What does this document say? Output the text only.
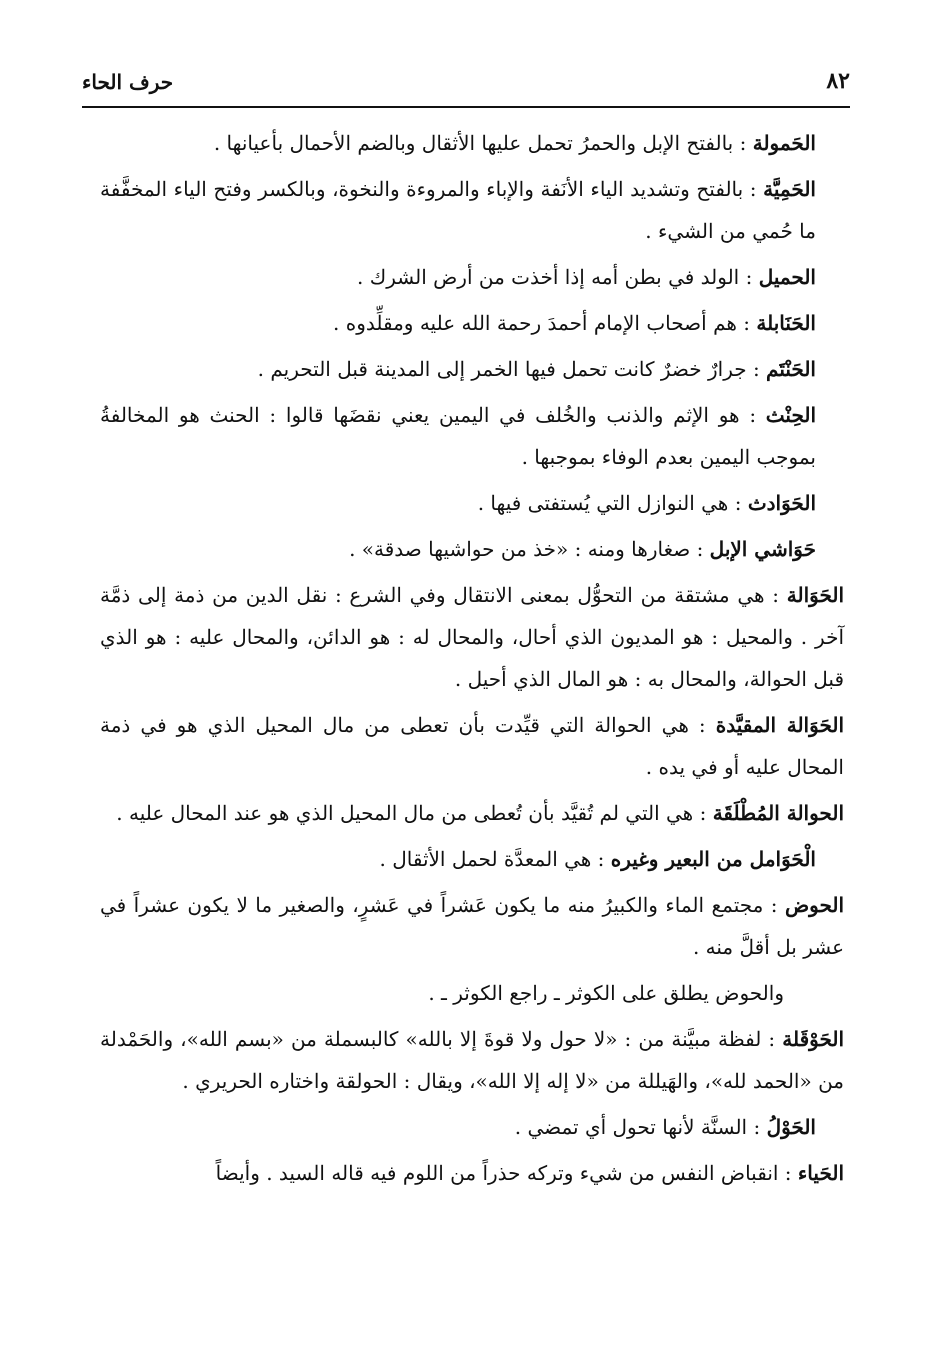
٨٢
حرف الحاء

الحَمولة : بالفتح الإبل والحمرُ تحمل عليها الأثقال وبالضم الأحمال بأعيانها .

الحَمِيَّة : بالفتح وتشديد الياء الأنَفة والإباء والمروءة والنخوة، وبالكسر وفتح الياء المخفَّفة ما حُمي من الشيء .

الحميل : الولد في بطن أمه إذا أخذت من أرض الشرك .

الحَنَابلة : هم أصحاب الإمام أحمدَ رحمة الله عليه ومقلِّدوه .

الحَنْتَم : جرارٌ خضرٌ كانت تحمل فيها الخمر إلى المدينة قبل التحريم .

الحِنْث : هو الإثم والذنب والخُلف في اليمين يعني نقضَها قالوا : الحنث هو المخالفةُ بموجب اليمين بعدم الوفاء بموجبها .

الحَوَادث : هي النوازل التي يُستفتى فيها .

حَوَاشي الإبل : صغارها ومنه : «خذ من حواشيها صدقة» .

الحَوَالة : هي مشتقة من التحوُّل بمعنى الانتقال وفي الشرع : نقل الدين من ذمة إلى ذمَّة آخر . والمحيل : هو المديون الذي أحال، والمحال له : هو الدائن، والمحال عليه : هو الذي قبل الحوالة، والمحال به : هو المال الذي أحيل .

الحَوَالة المقيَّدة : هي الحوالة التي قيِّدت بأن تعطى من مال المحيل الذي هو في ذمة المحال عليه أو في يده .

الحوالة المُطْلَقَة : هي التي لم تُقيَّد بأن تُعطى من مال المحيل الذي هو عند المحال عليه .

الْحَوَامل من البعير وغيره : هي المعدَّة لحمل الأثقال .

الحوض : مجتمع الماء والكبيرُ منه ما يكون عَشراً في عَشرٍ، والصغير ما لا يكون عشراً في عشر بل أقلَّ منه .

والحوض يطلق على الكوثر ـ راجع الكوثر ـ .

الحَوْقَلة : لفظة مبيَّنة من : «لا حول ولا قوةَ إلا بالله» كالبسملة من «بسم الله»، والحَمْدلة من «الحمد لله»، والهَيللة من «لا إله إلا الله»، ويقال : الحولقة واختاره الحريري .

الحَوْلُ : السنَّة لأنها تحول أي تمضي .

الحَياء : انقباض النفس من شيء وتركه حذراً من اللوم فيه قاله السيد . وأيضاً
